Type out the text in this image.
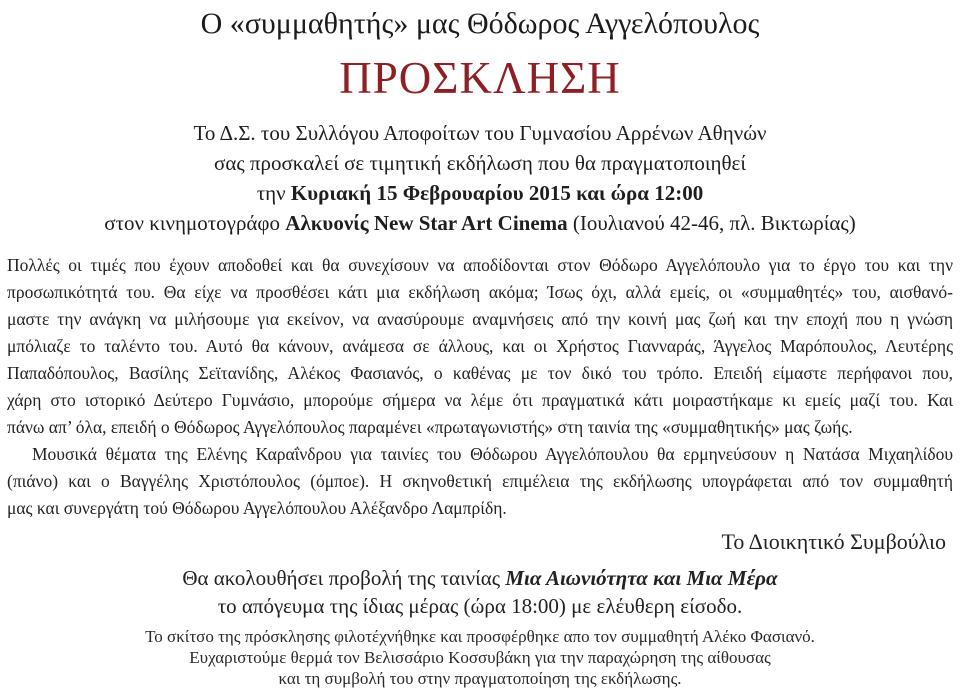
Ο «συμμαθητής» μας Θόδωρος Αγγελόπουλος
ΠΡΟΣΚΛΗΣΗ
Το Δ.Σ. του Συλλόγου Αποφοίτων του Γυμνασίου Αρρένων Αθηνών
σας προσκαλεί σε τιμητική εκδήλωση που θα πραγματοποιηθεί
την Κυριακή 15 Φεβρουαρίου 2015 και ώρα 12:00
στον κινημοτογράφο Αλκυονίς New Star Art Cinema (Ιουλιανού 42-46, πλ. Βικτωρίας)
Πολλές οι τιμές που έχουν αποδοθεί και θα συνεχίσουν να αποδίδονται στον Θόδωρο Αγγελόπουλο για το έργο του και την
προσωπικότητά του. Θα είχε να προσθέσει κάτι μια εκδήλωση ακόμα; Ίσως όχι, αλλά εμείς, οι «συμμαθητές» του, αισθανό-
μαστε την ανάγκη να μιλήσουμε για εκείνον, να ανασύρουμε αναμνήσεις από την κοινή μας ζωή και την εποχή που η γνώση
μπόλιαζε το ταλέντο του. Αυτό θα κάνουν, ανάμεσα σε άλλους, και οι Χρήστος Γιανναράς, Άγγελος Μαρόπουλος, Λευτέρης
Παπαδόπουλος, Βασίλης Σεϊτανίδης, Αλέκος Φασιανός, ο καθένας με τον δικό του τρόπο. Επειδή είμαστε περήφανοι που,
χάρη στο ιστορικό Δεύτερο Γυμνάσιο, μπορούμε σήμερα να λέμε ότι πραγματικά κάτι μοιραστήκαμε κι εμείς μαζί του. Και
πάνω απ’ όλα, επειδή ο Θόδωρος Αγγελόπουλος παραμένει «πρωταγωνιστής» στη ταινία της «συμμαθητικής» μας ζωής.
Μουσικά θέματα της Ελένης Καραΐνδρου για ταινίες του Θόδωρου Αγγελόπουλου θα ερμηνεύσουν η Νατάσα Μιχαηλίδου
(πιάνο) και ο Βαγγέλης Χριστόπουλος (όμποε). Η σκηνοθετική επιμέλεια της εκδήλωσης υπογράφεται από τον συμμαθητή
μας και συνεργάτη τού Θόδωρου Αγγελόπουλου Αλέξανδρο Λαμπρίδη.
Το Διοικητικό Συμβούλιο
Θα ακολουθήσει προβολή της ταινίας Μια Αιωνιότητα και Μια Μέρα
το απόγευμα της ίδιας μέρας (ώρα 18:00) με ελέυθερη είσοδο.
Το σκίτσο της πρόσκλησης φιλοτέχνήθηκε και προσφέρθηκε απο τον συμμαθητή Αλέκο Φασιανό.
Ευχαριστούμε θερμά τον Βελισσάριο Κοσσυβάκη για την παραχώρηση της αίθουσας
και τη συμβολή του στην πραγματοποίηση της εκδήλωσης.
